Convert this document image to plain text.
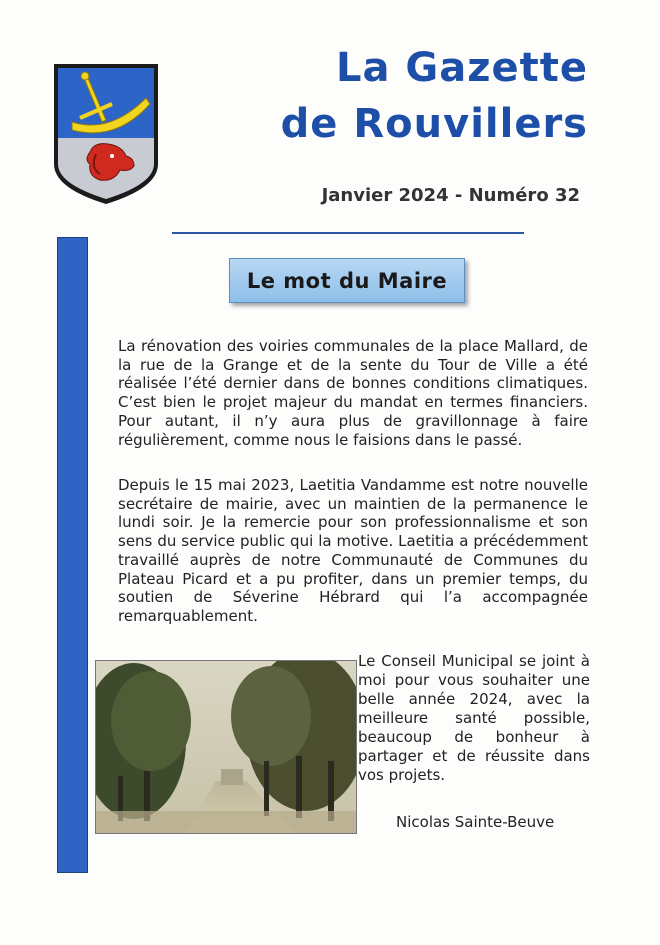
La Gazette
de Rouvillers
Janvier 2024 - Numéro 32
Le mot du Maire
La rénovation des voiries communales de la place Mallard, de la rue de la Grange et de la sente du Tour de Ville a été réalisée l’été dernier dans de bonnes conditions climatiques. C’est bien le projet majeur du mandat en termes financiers. Pour autant, il n’y aura plus de gravillonnage à faire régulièrement, comme nous le faisions dans le passé.
Depuis le 15 mai 2023, Laetitia Vandamme est notre nouvelle secrétaire de mairie, avec un maintien de la permanence le lundi soir. Je la remercie pour son professionnalisme et son sens du service public qui la motive. Laetitia a précédemment travaillé auprès de notre Communauté de Communes du Plateau Picard et a pu profiter, dans un premier temps, du soutien de Séverine Hébrard qui l’a accompagnée remarquablement.
Le Conseil Municipal se joint à moi pour vous souhaiter une belle année 2024, avec la meilleure santé possible, beaucoup de bonheur à partager et de réussite dans vos projets.
Nicolas Sainte-Beuve
